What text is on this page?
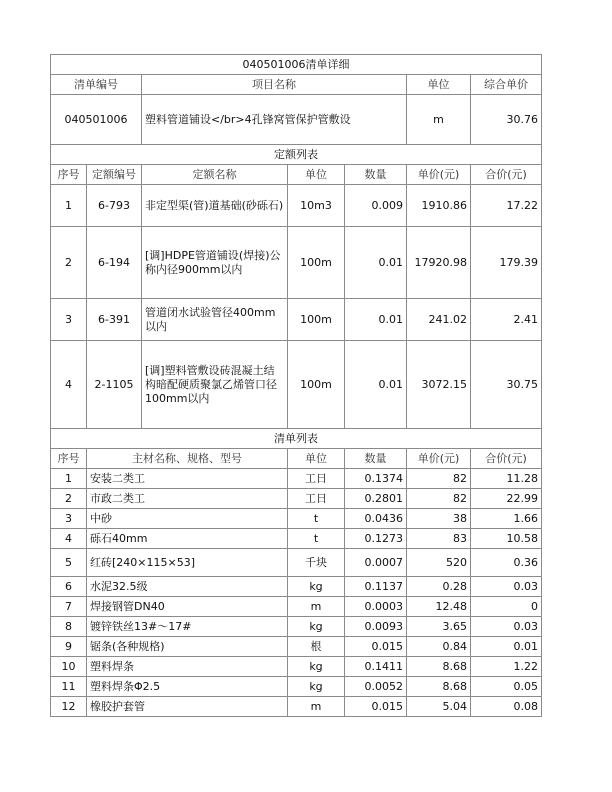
040501006清单详细						
清单编号		项目名称			单位	综合单价
040501006		塑料管道铺设</br>4孔锋窝管保护管敷设			m	30.76
定额列表						
序号	定额编号	定额名称	单位	数量	单价(元)	合价(元)
1	6-793	非定型渠(管)道基础(砂砾石)	10m3	0.009	1910.86	17.22
2	6-194	[调]HDPE管道铺设(焊接)公称内径900mm以内	100m	0.01	17920.98	179.39
3	6-391	管道闭水试验管径400mm以内	100m	0.01	241.02	2.41
4	2-1105	[调]塑料管敷设砖混凝土结构暗配硬质聚氯乙烯管口径100mm以内	100m	0.01	3072.15	30.75
清单列表						
序号	主材名称、规格、型号		单位	数量	单价(元)	合价(元)
1	安装二类工		工日	0.1374	82	11.28
2	市政二类工		工日	0.2801	82	22.99
3	中砂		t	0.0436	38	1.66
4	砾石40mm		t	0.1273	83	10.58
5	红砖[240×115×53]		千块	0.0007	520	0.36
6	水泥32.5级		kg	0.1137	0.28	0.03
7	焊接钢管DN40		m	0.0003	12.48	0
8	镀锌铁丝13#～17#		kg	0.0093	3.65	0.03
9	锯条(各种规格)		根	0.015	0.84	0.01
10	塑料焊条		kg	0.1411	8.68	1.22
11	塑料焊条Φ2.5		kg	0.0052	8.68	0.05
12	橡胶护套管		m	0.015	5.04	0.08
